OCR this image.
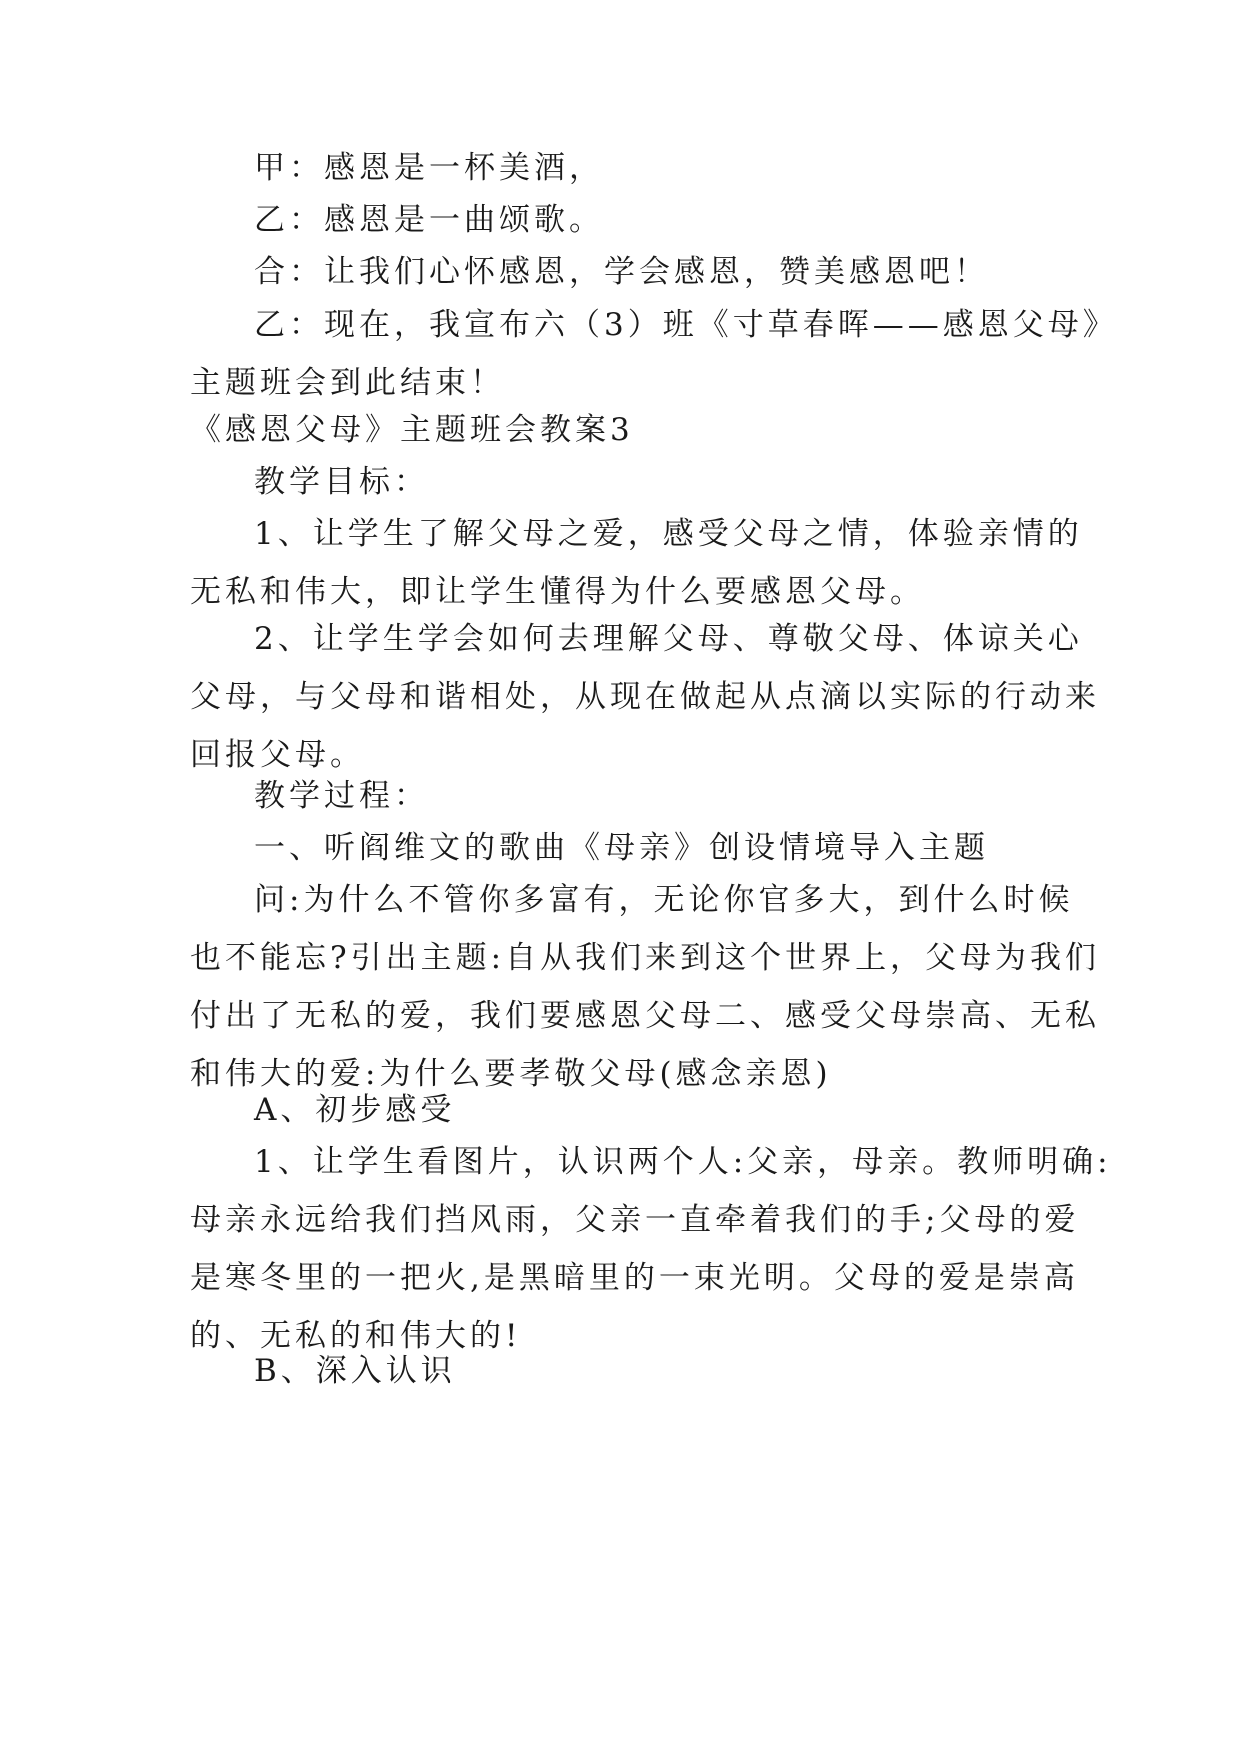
甲：感恩是一杯美酒，

乙：感恩是一曲颂歌。

合：让我们心怀感恩，学会感恩，赞美感恩吧！

乙：现在，我宣布六（3）班《寸草春晖——感恩父母》
主题班会到此结束！

《感恩父母》主题班会教案3

教学目标：

1、让学生了解父母之爱，感受父母之情，体验亲情的
无私和伟大，即让学生懂得为什么要感恩父母。

2、让学生学会如何去理解父母、尊敬父母、体谅关心
父母，与父母和谐相处，从现在做起从点滴以实际的行动来
回报父母。

教学过程：

一、听阎维文的歌曲《母亲》创设情境导入主题

问:为什么不管你多富有，无论你官多大，到什么时候
也不能忘?引出主题:自从我们来到这个世界上，父母为我们
付出了无私的爱，我们要感恩父母二、感受父母崇高、无私
和伟大的爱:为什么要孝敬父母(感念亲恩)

A、初步感受

1、让学生看图片，认识两个人:父亲，母亲。教师明确:
母亲永远给我们挡风雨，父亲一直牵着我们的手;父母的爱
是寒冬里的一把火,是黑暗里的一束光明。父母的爱是崇高
的、无私的和伟大的!

B、深入认识
